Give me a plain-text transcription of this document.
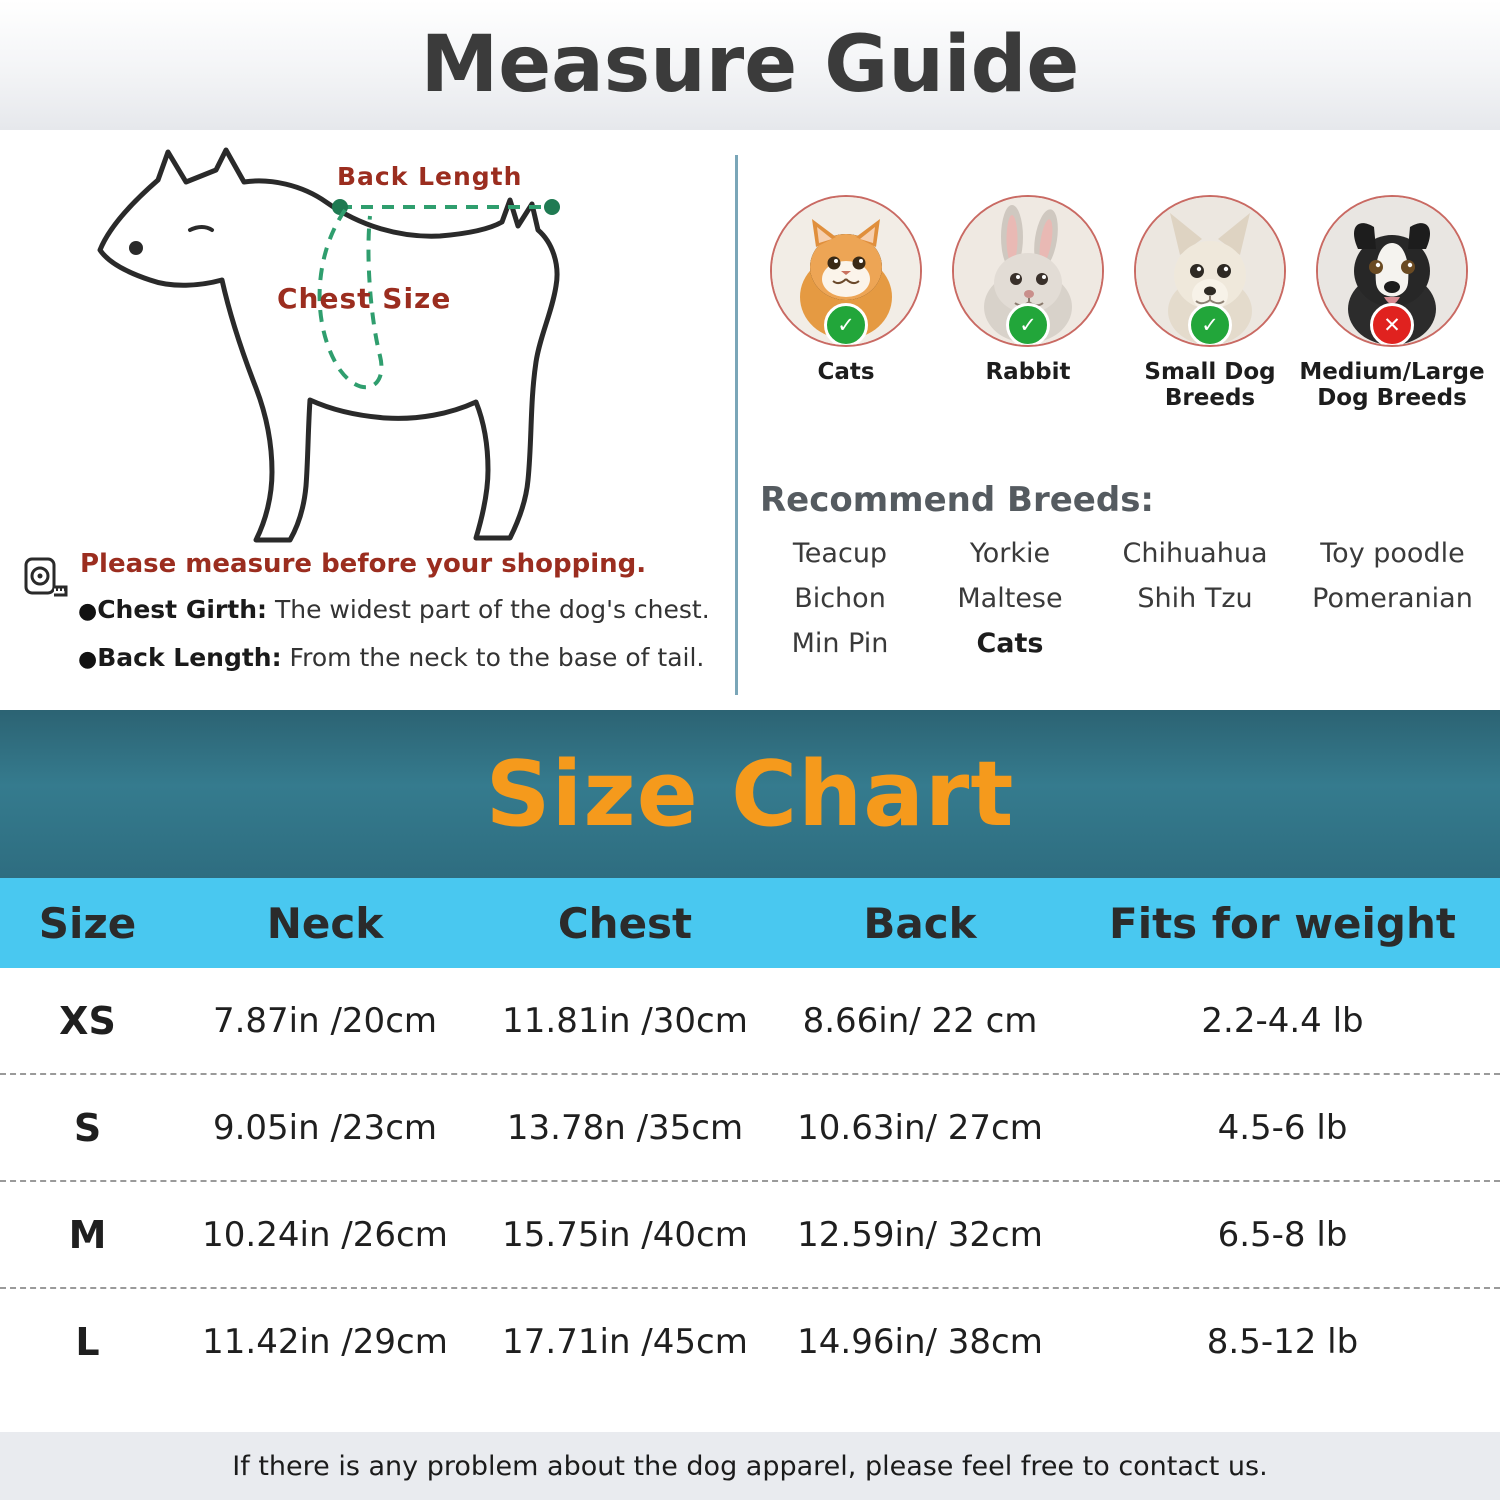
Measure Guide
Back Length
Chest Size
Please measure before your shopping.
●Chest Girth: The widest part of the dog's chest.
●Back Length: From the neck to the base of tail.
✓
Cats
✓
Rabbit
✓
Small Dog Breeds
✕
Medium/Large Dog Breeds
Recommend Breeds:
Teacup	Yorkie	Chihuahua	Toy poodle
Bichon	Maltese	Shih Tzu	Pomeranian
Min Pin	Cats
Size Chart
Size	Neck	Chest	Back	Fits for weight
XS	7.87in /20cm	11.81in /30cm	8.66in/ 22 cm	2.2-4.4 lb
S	9.05in /23cm	13.78n /35cm	10.63in/ 27cm	4.5-6 lb
M	10.24in /26cm	15.75in /40cm	12.59in/ 32cm	6.5-8 lb
L	11.42in /29cm	17.71in /45cm	14.96in/ 38cm	8.5-12 lb
If there is any problem about the dog apparel, please feel free to contact us.
